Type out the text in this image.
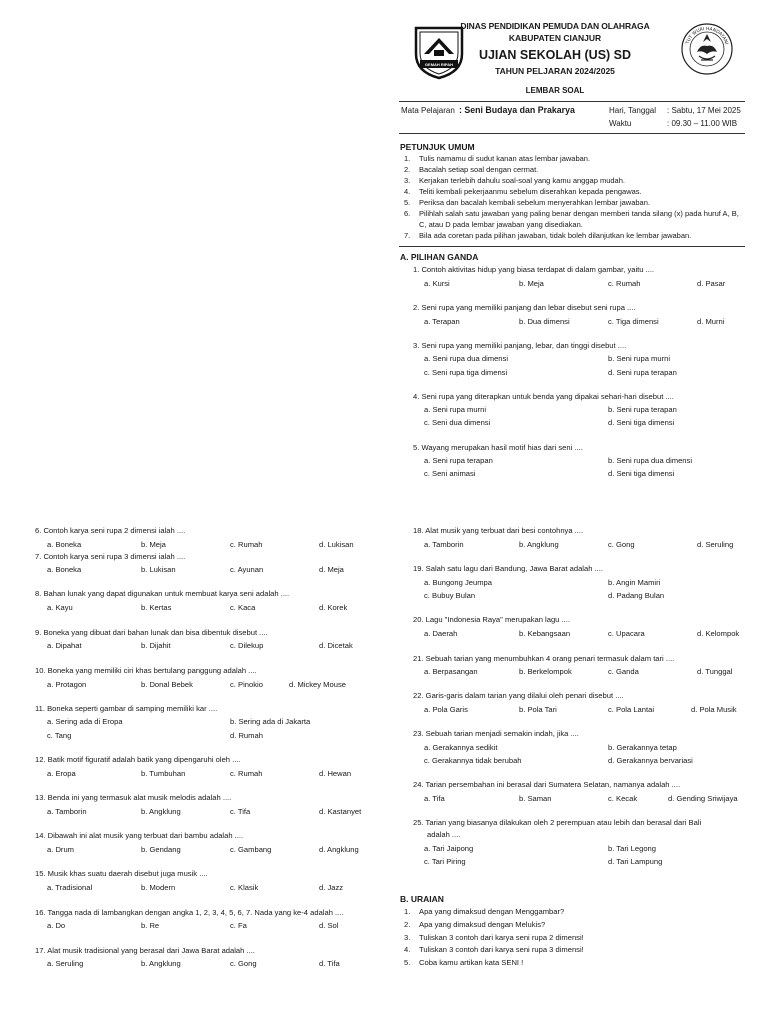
GEMAH RIPAH
DINAS PENDIDIKAN PEMUDA DAN OLAHRAGA
KABUPATEN CIANJUR
UJIAN SEKOLAH (US) SD
TAHUN PELJARAN 2024/2025
LEMBAR SOAL
TUT WURI HANDAYANI
Mata Pelajaran : Seni Budaya dan Prakarya	Hari, Tanggal : Sabtu, 17 Mei 2025
Waktu	: 09.30 – 11.00 WIB
PETUNJUK UMUM
1.	Tulis namamu di sudut kanan atas lembar jawaban.
2.	Bacalah setiap soal dengan cermat.
3.	Kerjakan terlebih dahulu soal-soal yang kamu anggap mudah.
4.	Teliti kembali pekerjaanmu sebelum diserahkan kepada pengawas.
5.	Periksa dan bacalah kembali sebelum menyerahkan lembar jawaban.
6.	Pilihlah salah satu jawaban yang paling benar dengan memberi tanda silang (x) pada huruf A, B, C, atau D pada lembar jawaban yang disediakan.
7.	Bila ada coretan pada pilihan jawaban, tidak boleh dilanjutkan ke lembar jawaban.
A. PILIHAN GANDA
1. Contoh aktivitas hidup yang biasa terdapat di dalam gambar, yaitu ....
a. Kursi	b. Meja	c. Rumah	d. Pasar
2. Seni rupa yang memiliki panjang dan lebar disebut seni rupa ....
a. Terapan	b. Dua dimensi	c. Tiga dimensi	d. Murni
3. Seni rupa yang memiliki panjang, lebar, dan tinggi disebut ....
a. Seni rupa dua dimensi	b. Seni rupa murni
c. Seni rupa tiga dimensi	d. Seni rupa terapan
4. Seni rupa yang diterapkan untuk benda yang dipakai sehari-hari disebut ....
a. Seni rupa murni	b. Seni rupa terapan
c. Seni dua dimensi	d. Seni tiga dimensi
5. Wayang merupakan hasil motif hias dari seni ....
a. Seni rupa terapan	b. Seni rupa dua dimensi
c. Seni animasi	d. Seni tiga dimensi
6. Contoh karya seni rupa 2 dimensi ialah ....
a. Boneka	b. Meja	c. Rumah	d. Lukisan
7. Contoh karya seni rupa 3 dimensi ialah ....
a. Boneka	b. Lukisan	c. Ayunan	d. Meja
8. Bahan lunak yang dapat digunakan untuk membuat karya seni adalah ....
a. Kayu	b. Kertas	c. Kaca	d. Korek
9. Boneka yang dibuat dari bahan lunak dan bisa dibentuk disebut ....
a. Dipahat	b. Dijahit	c. Dilekup	d. Dicetak
10. Boneka yang memiliki ciri khas bertulang panggung adalah ....
a. Protagon	b. Donal Bebek	c. Pinokio	d. Mickey Mouse
11. Boneka seperti gambar di samping memiliki kar ....
a. Sering ada di Eropa	b. Sering ada di Jakarta
c. Tang	d. Rumah
12. Batik motif figuratif adalah batik yang dipengaruhi oleh ....
a. Eropa	b. Tumbuhan	c. Rumah	d. Hewan
13. Benda ini yang termasuk alat musik melodis adalah ....
a. Tamborin	b. Angklung	c. Tifa	d. Kastanyet
14. Dibawah ini alat musik yang terbuat dari bambu adalah ....
a. Drum	b. Gendang	c. Gambang	d. Angklung
15. Musik khas suatu daerah disebut juga musik ....
a. Tradisional	b. Modern	c. Klasik	d. Jazz
16. Tangga nada di lambangkan dengan angka 1, 2, 3, 4, 5, 6, 7. Nada yang ke-4 adalah ....
a. Do	b. Re	c. Fa	d. Sol
17. Alat musik tradisional yang berasal dari Jawa Barat adalah ....
a. Seruling	b. Angklung	c. Gong	d. Tifa
18. Alat musik yang terbuat dari besi contohnya ....
a. Tamborin	b. Angklung	c. Gong	d. Seruling
19. Salah satu lagu dari Bandung, Jawa Barat adalah ....
a. Bungong Jeumpa	b. Angin Mamiri
c. Bubuy Bulan	d. Padang Bulan
20. Lagu "Indonesia Raya" merupakan lagu ....
a. Daerah	b. Kebangsaan	c. Upacara	d. Kelompok
21. Sebuah tarian yang menumbuhkan 4 orang penari termasuk dalam tari ....
a. Berpasangan	b. Berkelompok	c. Ganda	d. Tunggal
22. Garis-garis dalam tarian yang dilalui oleh penari disebut ....
a. Pola Garis	b. Pola Tari	c. Pola Lantai	d. Pola Musik
23. Sebuah tarian menjadi semakin indah, jika ....
a. Gerakannya sedikit	b. Gerakannya tetap
c. Gerakannya tidak berubah	d. Gerakannya bervariasi
24. Tarian persembahan ini berasal dari Sumatera Selatan, namanya adalah ....
a. Tifa	b. Saman	c. Kecak	d. Gending Sriwijaya
25. Tarian yang biasanya dilakukan oleh 2 perempuan atau lebih dan berasal dari Bali
adalah ....
a. Tari Jaipong	b. Tari Legong
c. Tari Piring	d. Tari Lampung
B. URAIAN
1.	Apa yang dimaksud dengan Menggambar?
2.	Apa yang dimaksud dengan Melukis?
3.	Tuliskan 3 contoh dari karya seni rupa 2 dimensi!
4.	Tuliskan 3 contoh dari karya seni rupa 3 dimensi!
5.	Coba kamu artikan kata SENI !
